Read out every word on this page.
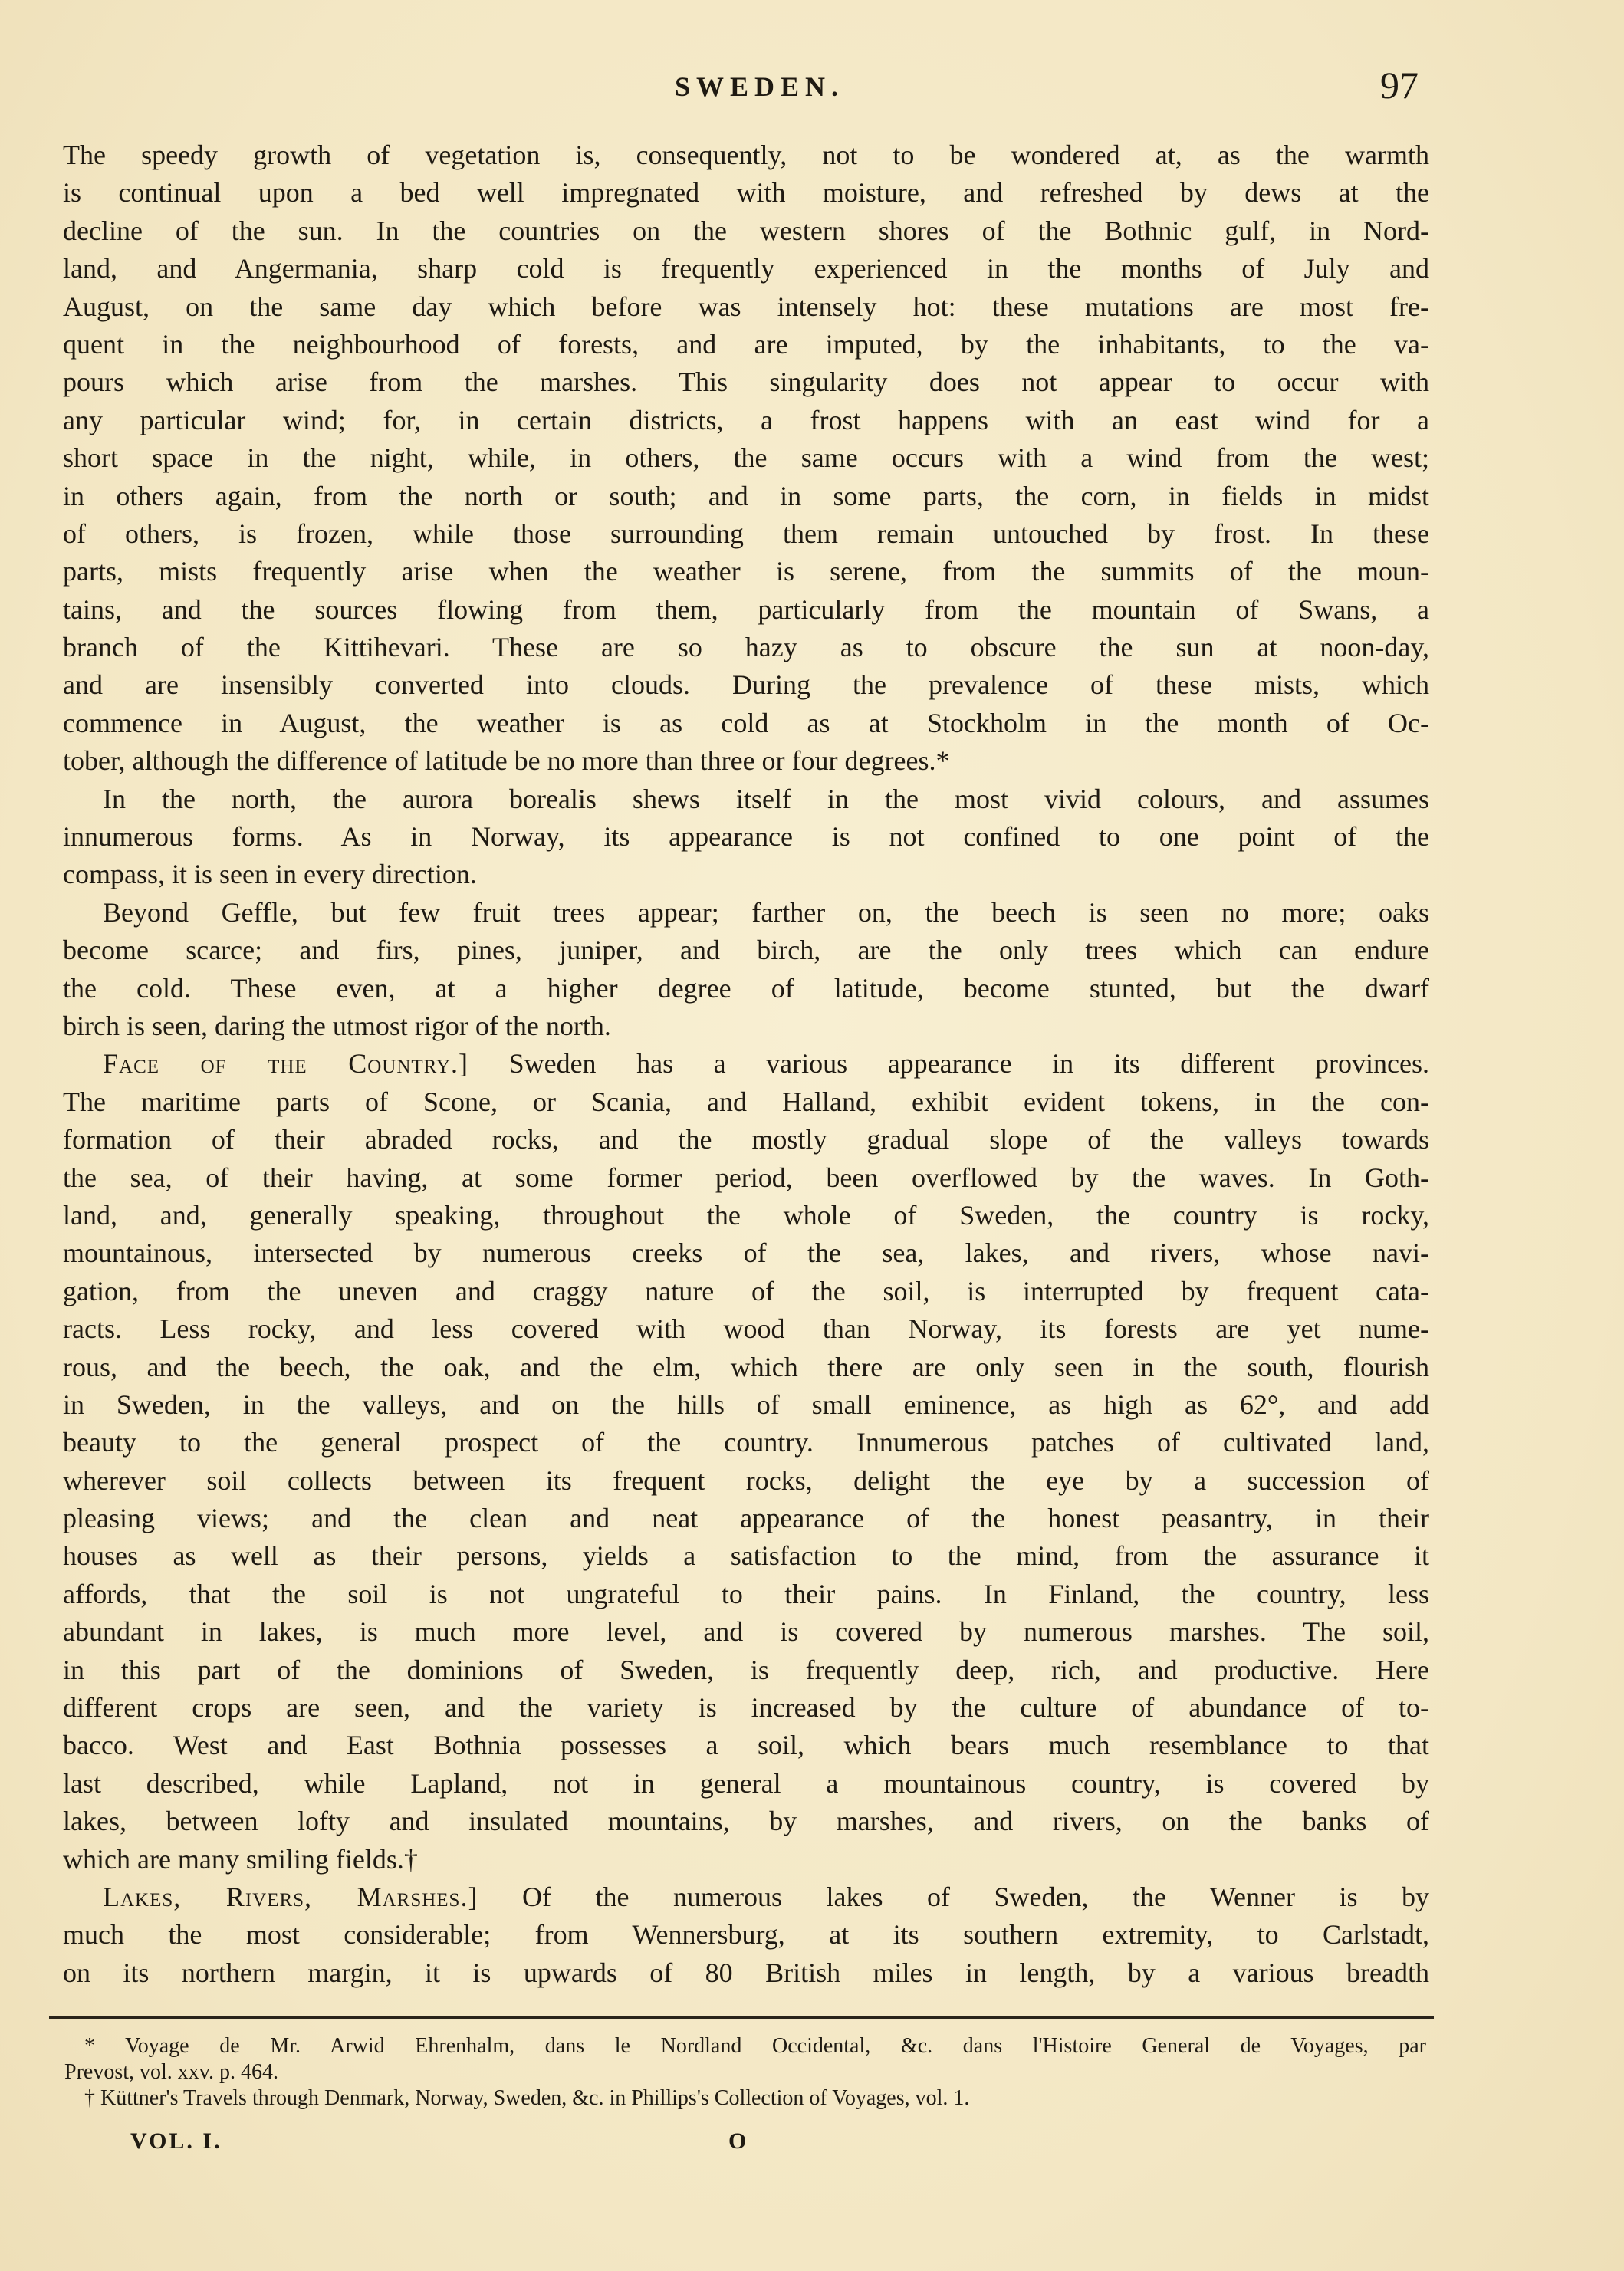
SWEDEN.	97
The speedy growth of vegetation is, consequently, not to be wondered at, as the warmth
is continual upon a bed well impregnated with moisture, and refreshed by dews at the
decline of the sun. In the countries on the western shores of the Bothnic gulf, in Nord-
land, and Angermania, sharp cold is frequently experienced in the months of July and
August, on the same day which before was intensely hot: these mutations are most fre-
quent in the neighbourhood of forests, and are imputed, by the inhabitants, to the va-
pours which arise from the marshes. This singularity does not appear to occur with
any particular wind; for, in certain districts, a frost happens with an east wind for a
short space in the night, while, in others, the same occurs with a wind from the west;
in others again, from the north or south; and in some parts, the corn, in fields in midst
of others, is frozen, while those surrounding them remain untouched by frost. In these
parts, mists frequently arise when the weather is serene, from the summits of the moun-
tains, and the sources flowing from them, particularly from the mountain of Swans, a
branch of the Kittihevari. These are so hazy as to obscure the sun at noon-day,
and are insensibly converted into clouds. During the prevalence of these mists, which
commence in August, the weather is as cold as at Stockholm in the month of Oc-
tober, although the difference of latitude be no more than three or four degrees.*
In the north, the aurora borealis shews itself in the most vivid colours, and assumes
innumerous forms. As in Norway, its appearance is not confined to one point of the
compass, it is seen in every direction.
Beyond Geffle, but few fruit trees appear; farther on, the beech is seen no more; oaks
become scarce; and firs, pines, juniper, and birch, are the only trees which can endure
the cold. These even, at a higher degree of latitude, become stunted, but the dwarf
birch is seen, daring the utmost rigor of the north.
Face of the Country.] Sweden has a various appearance in its different provinces.
The maritime parts of Scone, or Scania, and Halland, exhibit evident tokens, in the con-
formation of their abraded rocks, and the mostly gradual slope of the valleys towards
the sea, of their having, at some former period, been overflowed by the waves. In Goth-
land, and, generally speaking, throughout the whole of Sweden, the country is rocky,
mountainous, intersected by numerous creeks of the sea, lakes, and rivers, whose navi-
gation, from the uneven and craggy nature of the soil, is interrupted by frequent cata-
racts. Less rocky, and less covered with wood than Norway, its forests are yet nume-
rous, and the beech, the oak, and the elm, which there are only seen in the south, flourish
in Sweden, in the valleys, and on the hills of small eminence, as high as 62°, and add
beauty to the general prospect of the country. Innumerous patches of cultivated land,
wherever soil collects between its frequent rocks, delight the eye by a succession of
pleasing views; and the clean and neat appearance of the honest peasantry, in their
houses as well as their persons, yields a satisfaction to the mind, from the assurance it
affords, that the soil is not ungrateful to their pains. In Finland, the country, less
abundant in lakes, is much more level, and is covered by numerous marshes. The soil,
in this part of the dominions of Sweden, is frequently deep, rich, and productive. Here
different crops are seen, and the variety is increased by the culture of abundance of to-
bacco. West and East Bothnia possesses a soil, which bears much resemblance to that
last described, while Lapland, not in general a mountainous country, is covered by
lakes, between lofty and insulated mountains, by marshes, and rivers, on the banks of
which are many smiling fields.†
Lakes, Rivers, Marshes.] Of the numerous lakes of Sweden, the Wenner is by
much the most considerable; from Wennersburg, at its southern extremity, to Carlstadt,
on its northern margin, it is upwards of 80 British miles in length, by a various breadth
* Voyage de Mr. Arwid Ehrenhalm, dans le Nordland Occidental, &c. dans l'Histoire General de Voyages, par
Prevost, vol. xxv. p. 464.
† Küttner's Travels through Denmark, Norway, Sweden, &c. in Phillips's Collection of Voyages, vol. 1.
VOL. I.	O
